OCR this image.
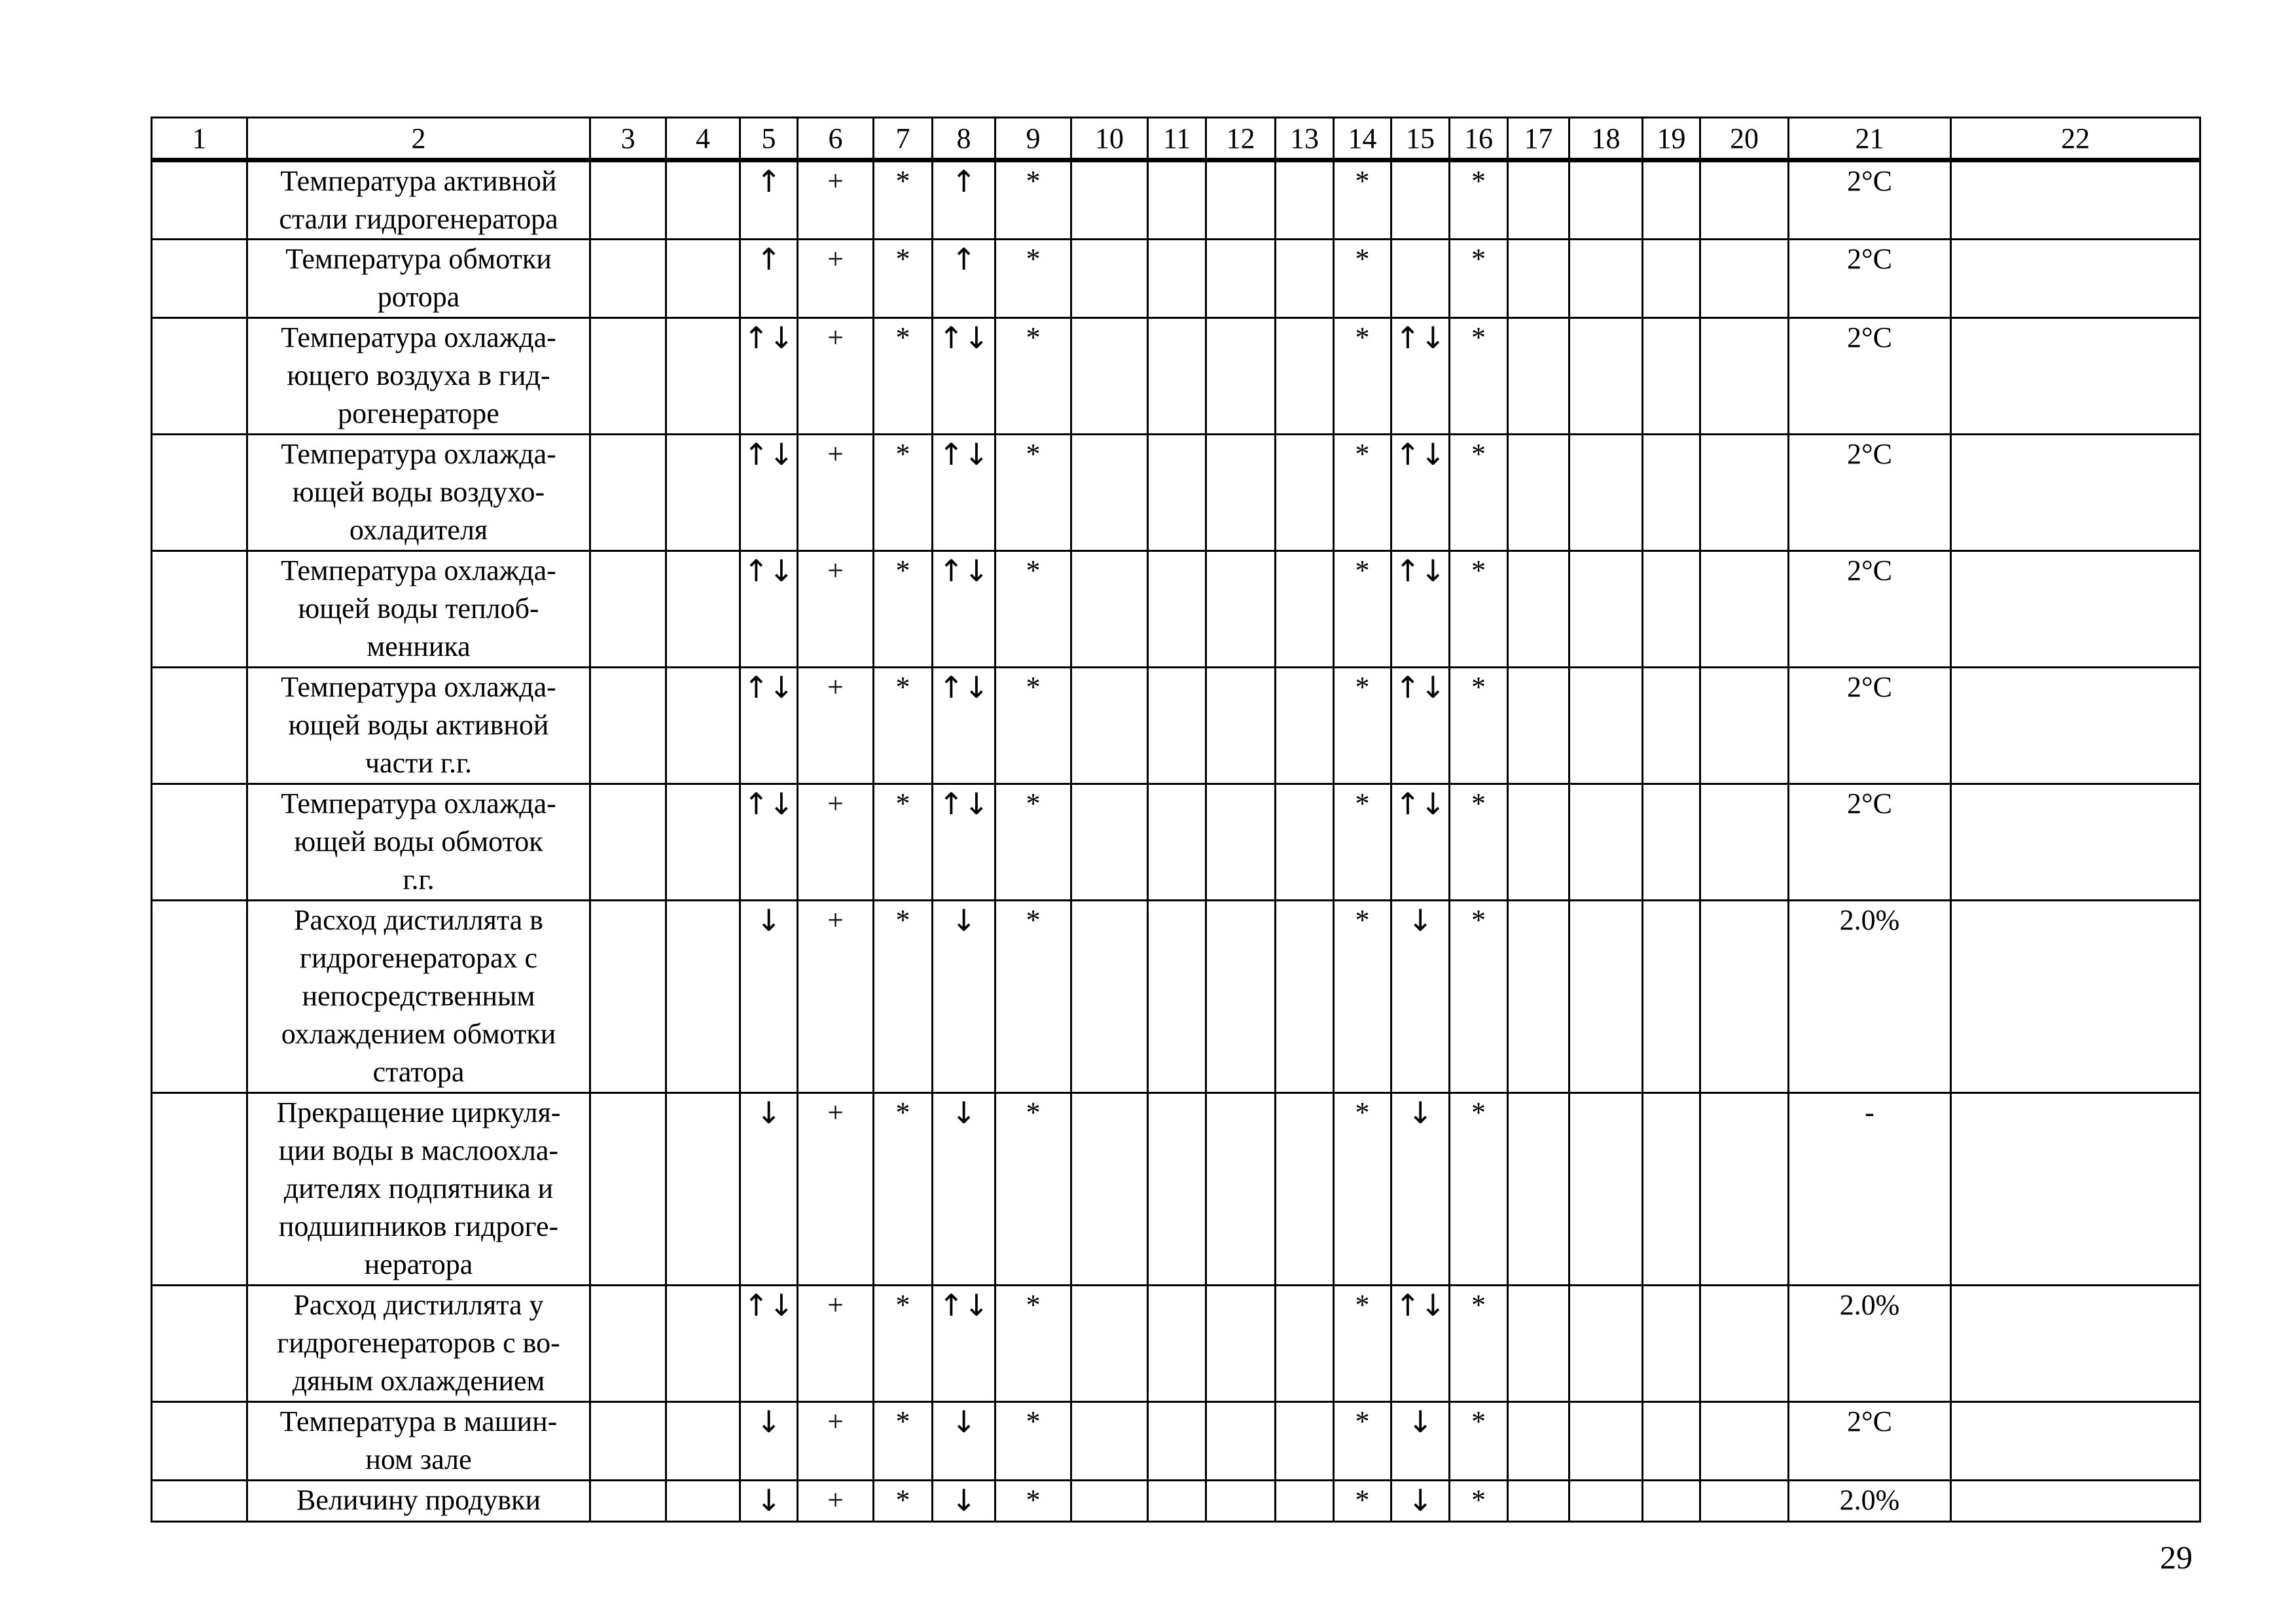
1	2	3	4	5	6	7	8	9	10	11	12	13	14	15	16	17	18	19	20	21	22

	Температура активной
стали гидрогенератора			↑	+	*	↑	*					*		*					2°C	

	Температура обмотки
ротора			↑	+	*	↑	*					*		*					2°C	

	Температура охлажда-
ющего воздуха в гид-
рогенераторе			↑↓	+	*	↑↓	*					*	↑↓	*					2°C	

	Температура охлажда-
ющей воды воздухо-
охладителя			↑↓	+	*	↑↓	*					*	↑↓	*					2°C	

	Температура охлажда-
ющей воды теплоб-
менника			↑↓	+	*	↑↓	*					*	↑↓	*					2°C	

	Температура охлажда-
ющей воды активной
части г.г.			↑↓	+	*	↑↓	*					*	↑↓	*					2°C	

	Температура охлажда-
ющей воды обмоток
г.г.			↑↓	+	*	↑↓	*					*	↑↓	*					2°C	

	Расход дистиллята в
гидрогенераторах с
непосредственным
охлаждением обмотки
статора			↓	+	*	↓	*					*	↓	*					2.0%	

	Прекращение циркуля-
ции воды в маслоохла-
дителях подпятника и
подшипников гидроге-
нератора			↓	+	*	↓	*					*	↓	*					-	

	Расход дистиллята у
гидрогенераторов с во-
дяным охлаждением			↑↓	+	*	↑↓	*					*	↑↓	*					2.0%	

	Температура в машин-
ном зале			↓	+	*	↓	*					*	↓	*					2°C	

	Величину продувки			↓	+	*	↓	*					*	↓	*					2.0%	
29
